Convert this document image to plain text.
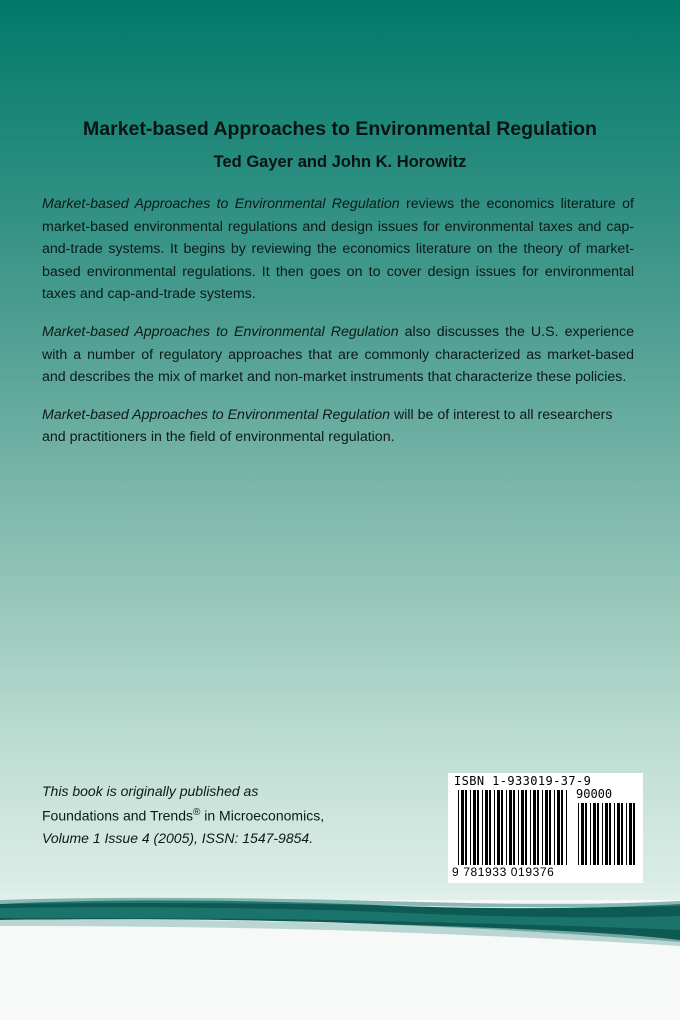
Market-based Approaches to Environmental Regulation
Ted Gayer and John K. Horowitz

Market-based Approaches to Environmental Regulation reviews the economics literature of market-based environmental regulations and design issues for environmental taxes and cap-and-trade systems. It begins by reviewing the economics literature on the theory of market-based environmental regulations. It then goes on to cover design issues for environmental taxes and cap-and-trade systems.

Market-based Approaches to Environmental Regulation also discusses the U.S. experience with a number of regulatory approaches that are commonly characterized as market-based and describes the mix of market and non-market instruments that characterize these policies.

Market-based Approaches to Environmental Regulation will be of interest to all researchers and practitioners in the field of environmental regulation.

This book is originally published as
Foundations and Trends® in Microeconomics,
Volume 1 Issue 4 (2005), ISSN: 1547-9854.
ISBN 1-933019-37-9
90000
9 781933 019376
